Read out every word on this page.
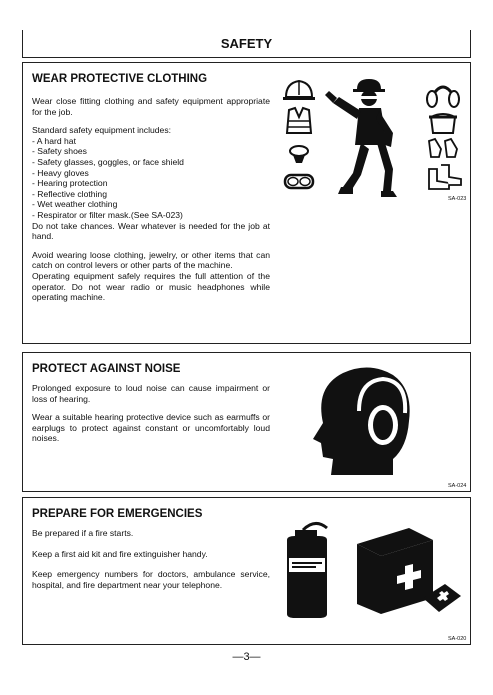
SAFETY
WEAR PROTECTIVE CLOTHING

Wear close fitting clothing and safety equipment appropriate for the job.

Standard safety equipment includes:
- A hard hat
- Safety shoes
- Safety glasses, goggles, or face shield
- Heavy gloves
- Hearing protection
- Reflective clothing
- Wet weather clothing
- Respirator or filter mask.(See SA-023)

Do not take chances. Wear whatever is needed for the job at hand.

Avoid wearing loose clothing, jewelry, or other items that can catch on control levers or other parts of the machine.
Operating equipment safely requires the full attention of the operator. Do not wear radio or music headphones while operating machine.
SA-023
PROTECT AGAINST NOISE

Prolonged exposure to loud noise can cause impairment or loss of hearing.

Wear a suitable hearing protective device such as earmuffs or earplugs to protect against constant or uncomfortably loud noises.

SA-024
PREPARE FOR EMERGENCIES

Be prepared if a fire starts.

Keep a first aid kit and fire extinguisher handy.

Keep emergency numbers for doctors, ambulance service, hospital, and fire department near your telephone.

SA-020
—3—
